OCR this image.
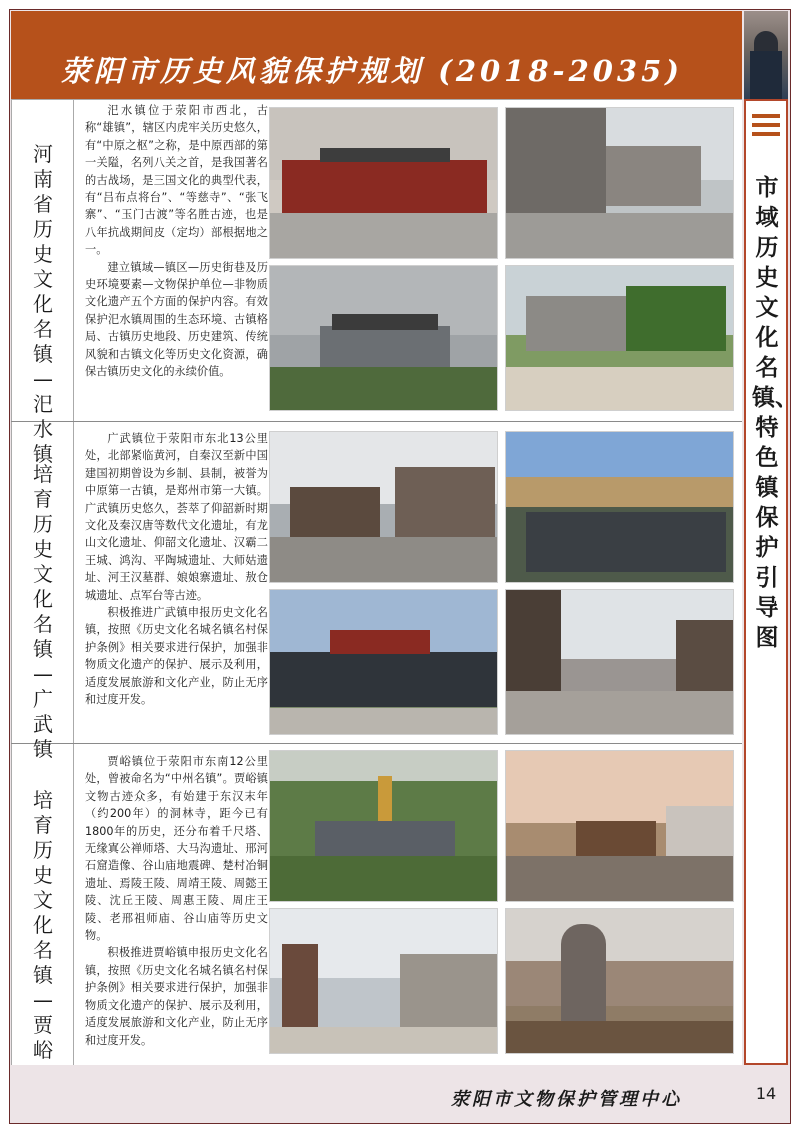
荥阳市历史风貌保护规划 (2018-2035)
市域历史文化名镇、特色镇保护引导图
河南省历史文化名镇—汜水镇

汜水镇位于荥阳市西北，古称“雄镇”，辖区内虎牢关历史悠久，有“中原之枢”之称，是中原西部的第一关隘，名列八关之首，是我国著名的古战场，是三国文化的典型代表，有“吕布点将台”、“等慈寺”、“张飞寨”、“玉门古渡”等名胜古迹，也是八年抗战期间皮（定均）部根据地之一。

建立镇域—镇区—历史街巷及历史环境要素—文物保护单位—非物质文化遗产五个方面的保护内容。有效保护汜水镇周围的生态环境、古镇格局、古镇历史地段、历史建筑、传统风貌和古镇文化等历史文化资源，确保古镇历史文化的永续价值。

培育历史文化名镇—广武镇

广武镇位于荥阳市东北13公里处，北部紧临黄河，自秦汉至新中国建国初期曾设为乡制、县制，被誉为中原第一古镇，是郑州市第一大镇。广武镇历史悠久，荟萃了仰韶新时期文化及秦汉唐等数代文化遗址，有龙山文化遗址、仰韶文化遗址、汉霸二王城、鸿沟、平陶城遗址、大师姑遗址、河王汉墓群、娘娘寨遗址、敖仓城遗址、点军台等古迹。

积极推进广武镇申报历史文化名镇，按照《历史文化名城名镇名村保护条例》相关要求进行保护，加强非物质文化遗产的保护、展示及利用，适度发展旅游和文化产业，防止无序和过度开发。

培育历史文化名镇—贾峪

贾峪镇位于荥阳市东南12公里处，曾被命名为“中州名镇”。贾峪镇文物古迹众多，有始建于东汉末年（约200年）的洞林寺，距今已有1800年的历史，还分布着千尺塔、无缘寘公禅师塔、大马沟遗址、邢河石窟造像、谷山庙地震碑、楚村冶铜遗址、焉陵王陵、周靖王陵、周懿王陵、沈丘王陵、周惠王陵、周庄王陵、老邢祖师庙、谷山庙等历史文物。

积极推进贾峪镇申报历史文化名镇，按照《历史文化名城名镇名村保护条例》相关要求进行保护，加强非物质文化遗产的保护、展示及利用，适度发展旅游和文化产业，防止无序和过度开发。

荥阳市文物保护管理中心	14
